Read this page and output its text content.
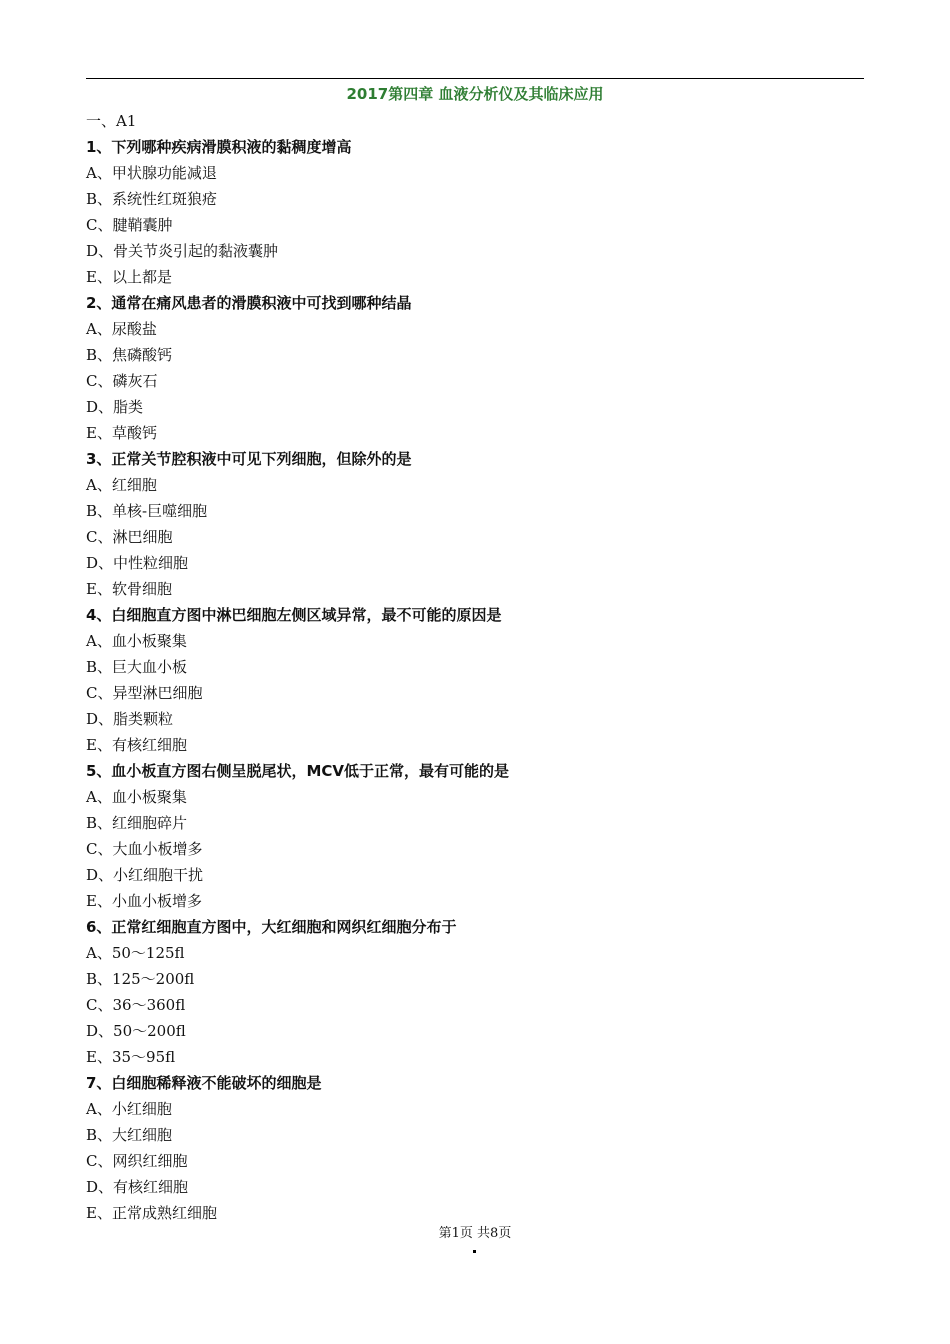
2017第四章 血液分析仪及其临床应用
一、A1
1、下列哪种疾病滑膜积液的黏稠度增高
A、甲状腺功能减退
B、系统性红斑狼疮
C、腱鞘囊肿
D、骨关节炎引起的黏液囊肿
E、以上都是
2、通常在痛风患者的滑膜积液中可找到哪种结晶
A、尿酸盐
B、焦磷酸钙
C、磷灰石
D、脂类
E、草酸钙
3、正常关节腔积液中可见下列细胞，但除外的是
A、红细胞
B、单核-巨噬细胞
C、淋巴细胞
D、中性粒细胞
E、软骨细胞
4、白细胞直方图中淋巴细胞左侧区域异常，最不可能的原因是
A、血小板聚集
B、巨大血小板
C、异型淋巴细胞
D、脂类颗粒
E、有核红细胞
5、血小板直方图右侧呈脱尾状，MCV低于正常，最有可能的是
A、血小板聚集
B、红细胞碎片
C、大血小板增多
D、小红细胞干扰
E、小血小板增多
6、正常红细胞直方图中，大红细胞和网织红细胞分布于
A、50～125fl
B、125～200fl
C、36～360fl
D、50～200fl
E、35～95fl
7、白细胞稀释液不能破坏的细胞是
A、小红细胞
B、大红细胞
C、网织红细胞
D、有核红细胞
E、正常成熟红细胞
第1页 共8页
